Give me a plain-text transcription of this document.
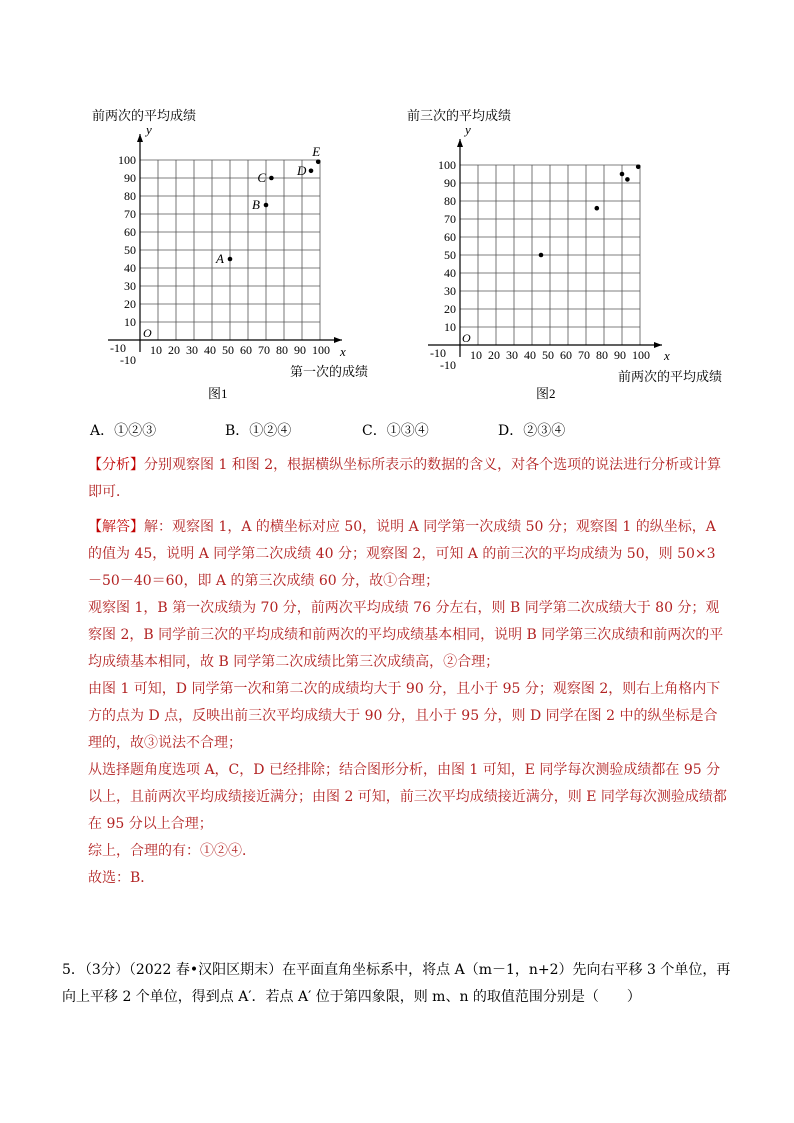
10 20 30 40 50 60 70 80 90 100
10
20
30
40
50
60
70
80
90
100
-10
-10
A
B
C D
E
前两次的平均成绩
y
x
O
第一次的成绩
图1
10 20 30 40 50 60 70 80 90 100
10
20
30
40
50
60
70
80
90
100
-10
-10
前三次的平均成绩
y
x
O
前两次的平均成绩
图2
A．①②③	B．①②④	C．①③④	D．②③④

【分析】分别观察图 1 和图 2，根据横纵坐标所表示的数据的含义，对各个选项的说法进行分析或计算即可．

【解答】解：观察图 1，A 的横坐标对应 50，说明 A 同学第一次成绩 50 分；观察图 1 的纵坐标，A 的值为 45，说明 A 同学第二次成绩 40 分；观察图 2，可知 A 的前三次的平均成绩为 50，则 50×3－50－40＝60，即 A 的第三次成绩 60 分，故①合理；

观察图 1，B 第一次成绩为 70 分，前两次平均成绩 76 分左右，则 B 同学第二次成绩大于 80 分；观察图 2，B 同学前三次的平均成绩和前两次的平均成绩基本相同，说明 B 同学第三次成绩和前两次的平均成绩基本相同，故 B 同学第二次成绩比第三次成绩高，②合理；

由图 1 可知，D 同学第一次和第二次的成绩均大于 90 分，且小于 95 分；观察图 2，则右上角格内下方的点为 D 点，反映出前三次平均成绩大于 90 分，且小于 95 分，则 D 同学在图 2 中的纵坐标是合理的，故③说法不合理；

从选择题角度选项 A，C，D 已经排除；结合图形分析，由图 1 可知，E 同学每次测验成绩都在 95 分以上，且前两次平均成绩接近满分；由图 2 可知，前三次平均成绩接近满分，则 E 同学每次测验成绩都在 95 分以上合理；

综上，合理的有：①②④．

故选：B．

5．（3分）（2022 春•汉阳区期末）在平面直角坐标系中，将点 A（m－1，n+2）先向右平移 3 个单位，再向上平移 2 个单位，得到点 A′．若点 A′ 位于第四象限，则 m、n 的取值范围分别是（　　）
